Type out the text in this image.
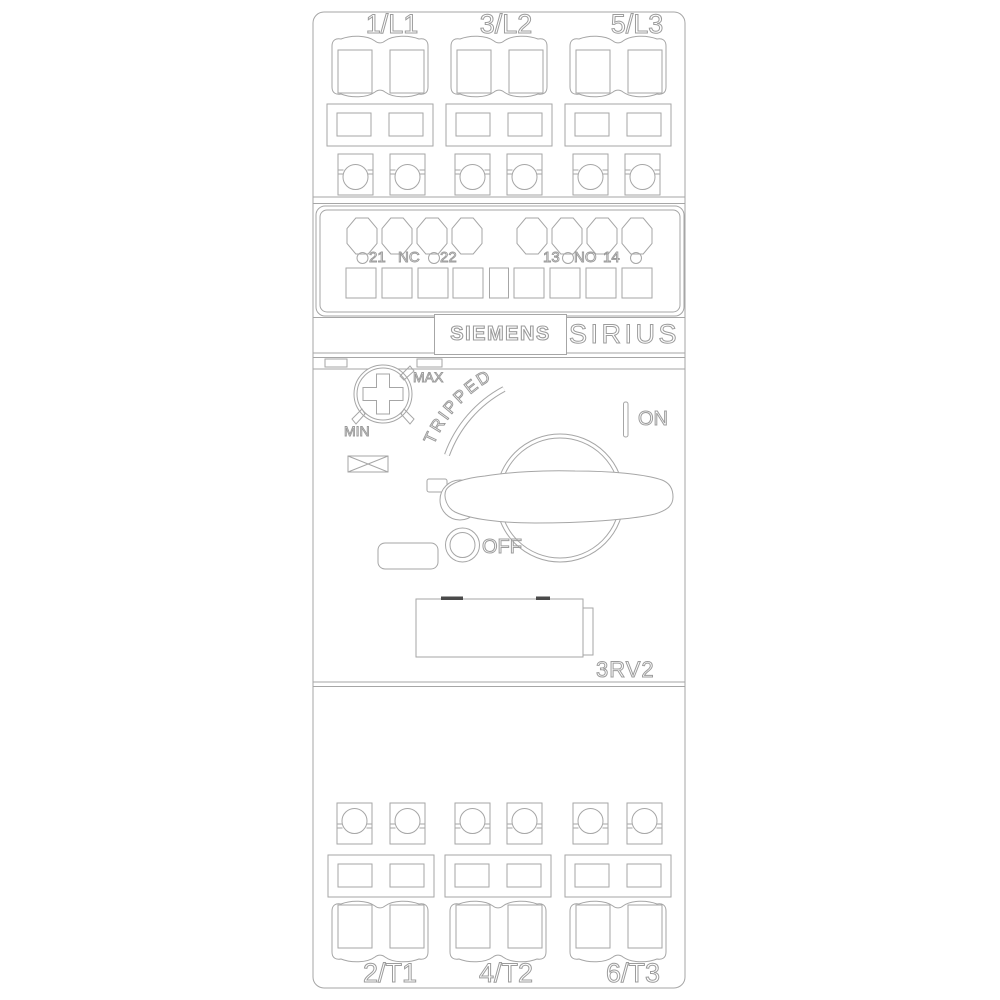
TRIPPED
1/L1 3/L2	5/L3
21 NC 22	13 NO 14
SIEMENS SIRIUS
MAX
MIN
ON
OFF
3RV2
2/T1 4/T2	6/T3
